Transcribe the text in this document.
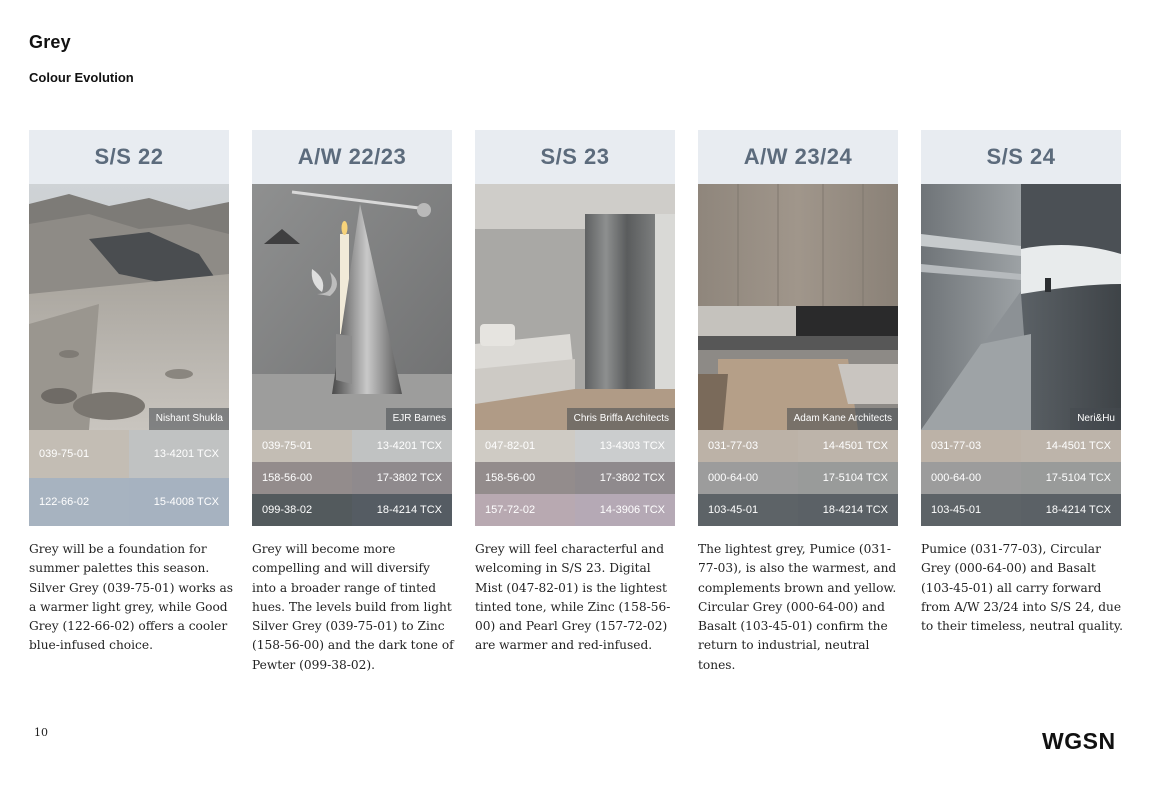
Grey
Colour Evolution
S/S 22
Nishant Shukla
039-75-01	13-4201 TCX
122-66-02	15-4008 TCX
A/W 22/23
EJR Barnes
039-75-01	13-4201 TCX
158-56-00	17-3802 TCX
099-38-02	18-4214 TCX
S/S 23
Chris Briffa Architects
047-82-01	13-4303 TCX
158-56-00	17-3802 TCX
157-72-02	14-3906 TCX
A/W 23/24
Adam Kane Architects
031-77-03	14-4501 TCX
000-64-00	17-5104 TCX
103-45-01	18-4214 TCX
S/S 24
Neri&Hu
031-77-03	14-4501 TCX
000-64-00	17-5104 TCX
103-45-01	18-4214 TCX
Grey will be a foundation for summer palettes this season. Silver Grey (039-75-01) works as a warmer light grey, while Good Grey (122-66-02) offers a cooler blue-infused choice.
Grey will become more compelling and will diversify into a broader range of tinted hues. The levels build from light Silver Grey (039-75-01) to Zinc (158-56-00) and the dark tone of Pewter (099-38-02).
Grey will feel characterful and welcoming in S/S 23. Digital Mist (047-82-01) is the lightest tinted tone, while Zinc (158-56-00) and Pearl Grey (157-72-02) are warmer and red-infused.
The lightest grey, Pumice (031-77-03), is also the warmest, and complements brown and yellow. Circular Grey (000-64-00) and Basalt (103-45-01) confirm the return to industrial, neutral tones.
Pumice (031-77-03), Circular Grey (000-64-00) and Basalt (103-45-01) all carry forward from A/W 23/24 into S/S 24, due to their timeless, neutral quality.
10	WGSN
